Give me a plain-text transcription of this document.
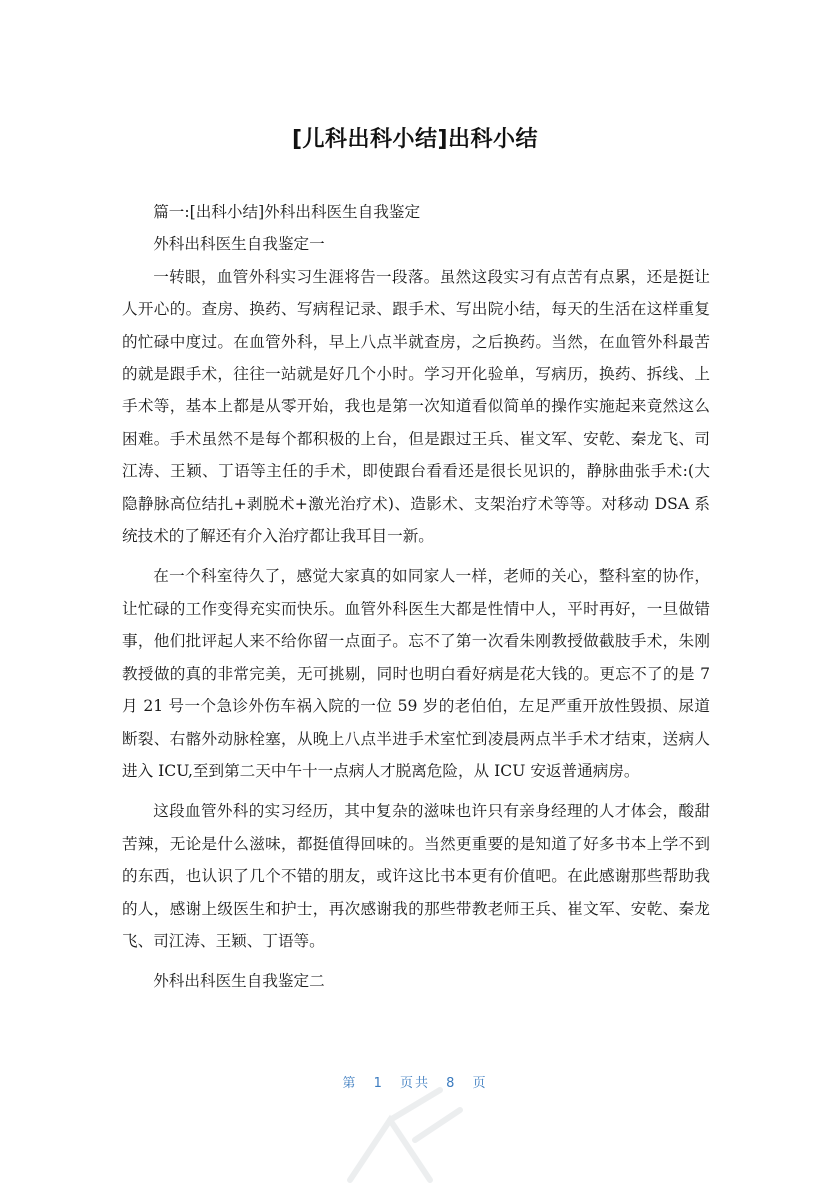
[儿科出科小结]出科小结

篇一:[出科小结]外科出科医生自我鉴定

外科出科医生自我鉴定一

一转眼，血管外科实习生涯将告一段落。虽然这段实习有点苦有点累，还是挺让人开心的。查房、换药、写病程记录、跟手术、写出院小结，每天的生活在这样重复的忙碌中度过。在血管外科，早上八点半就查房，之后换药。当然，在血管外科最苦的就是跟手术，往往一站就是好几个小时。学习开化验单，写病历，换药、拆线、上手术等，基本上都是从零开始，我也是第一次知道看似简单的操作实施起来竟然这么困难。手术虽然不是每个都积极的上台，但是跟过王兵、崔文军、安乾、秦龙飞、司江涛、王颖、丁语等主任的手术，即使跟台看看还是很长见识的，静脉曲张手术:(大隐静脉高位结扎+剥脱术+激光治疗术)、造影术、支架治疗术等等。对移动 DSA 系统技术的了解还有介入治疗都让我耳目一新。

在一个科室待久了，感觉大家真的如同家人一样，老师的关心，整科室的协作，让忙碌的工作变得充实而快乐。血管外科医生大都是性情中人，平时再好，一旦做错事，他们批评起人来不给你留一点面子。忘不了第一次看朱刚教授做截肢手术，朱刚教授做的真的非常完美，无可挑剔，同时也明白看好病是花大钱的。更忘不了的是 7 月 21 号一个急诊外伤车祸入院的一位 59 岁的老伯伯，左足严重开放性毁损、尿道断裂、右髂外动脉栓塞，从晚上八点半进手术室忙到凌晨两点半手术才结束，送病人进入 ICU,至到第二天中午十一点病人才脱离危险，从 ICU 安返普通病房。

这段血管外科的实习经历，其中复杂的滋味也许只有亲身经理的人才体会，酸甜苦辣，无论是什么滋味，都挺值得回味的。当然更重要的是知道了好多书本上学不到的东西，也认识了几个不错的朋友，或许这比书本更有价值吧。在此感谢那些帮助我的人，感谢上级医生和护士，再次感谢我的那些带教老师王兵、崔文军、安乾、秦龙飞、司江涛、王颖、丁语等。

外科出科医生自我鉴定二

第 1 页共 8 页
